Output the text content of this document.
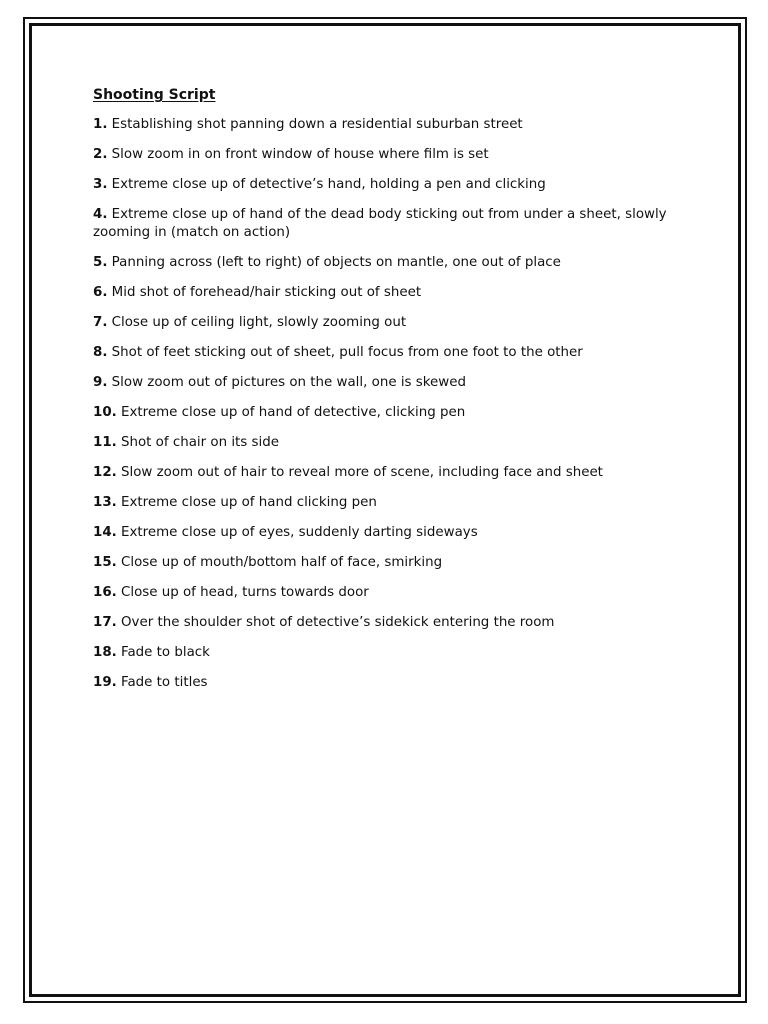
Shooting Script
1. Establishing shot panning down a residential suburban street
2. Slow zoom in on front window of house where film is set
3. Extreme close up of detective’s hand, holding a pen and clicking
4. Extreme close up of hand of the dead body sticking out from under a sheet, slowly zooming in (match on action)
5. Panning across (left to right) of objects on mantle, one out of place
6. Mid shot of forehead/hair sticking out of sheet
7. Close up of ceiling light, slowly zooming out
8. Shot of feet sticking out of sheet, pull focus from one foot to the other
9. Slow zoom out of pictures on the wall, one is skewed
10. Extreme close up of hand of detective, clicking pen
11. Shot of chair on its side
12. Slow zoom out of hair to reveal more of scene, including face and sheet
13. Extreme close up of hand clicking pen
14. Extreme close up of eyes, suddenly darting sideways
15. Close up of mouth/bottom half of face, smirking
16. Close up of head, turns towards door
17. Over the shoulder shot of detective’s sidekick entering the room
18. Fade to black
19. Fade to titles
